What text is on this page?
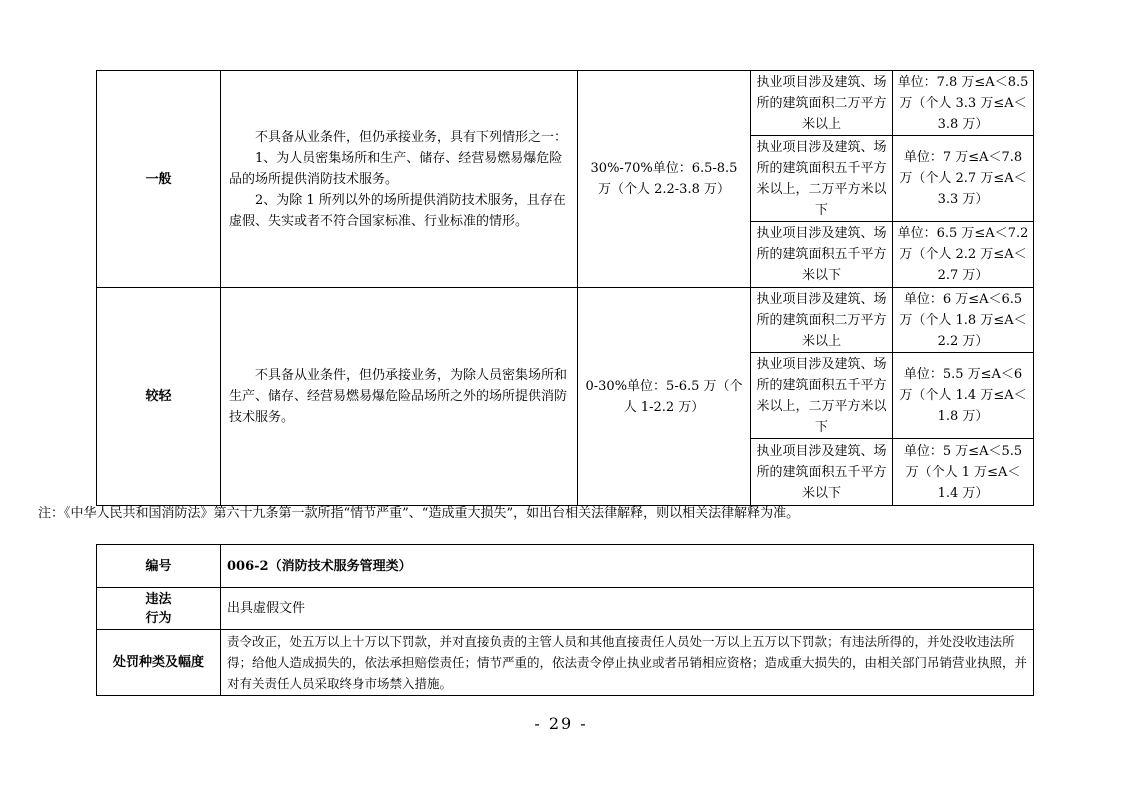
一般	不具备从业条件，但仍承接业务，具有下列情形之一：

1、为人员密集场所和生产、储存、经营易燃易爆危险品的场所提供消防技术服务。

2、为除 1 所列以外的场所提供消防技术服务，且存在虚假、失实或者不符合国家标准、行业标准的情形。	30%-70%单位：6.5-8.5 万（个人 2.2-3.8 万）	执业项目涉及建筑、场所的建筑面积二万平方米以上	单位：7.8 万≤A＜8.5 万（个人 3.3 万≤A＜3.8 万）
			执业项目涉及建筑、场所的建筑面积五千平方米以上，二万平方米以下	单位：7 万≤A＜7.8 万（个人 2.7 万≤A＜3.3 万）
			执业项目涉及建筑、场所的建筑面积五千平方米以下	单位：6.5 万≤A＜7.2 万（个人 2.2 万≤A＜2.7 万）
较轻	不具备从业条件，但仍承接业务，为除人员密集场所和生产、储存、经营易燃易爆危险品场所之外的场所提供消防技术服务。	0-30%单位：5-6.5 万（个人 1-2.2 万）	执业项目涉及建筑、场所的建筑面积二万平方米以上	单位：6 万≤A＜6.5 万（个人 1.8 万≤A＜2.2 万）
			执业项目涉及建筑、场所的建筑面积五千平方米以上，二万平方米以下	单位：5.5 万≤A＜6 万（个人 1.4 万≤A＜1.8 万）
			执业项目涉及建筑、场所的建筑面积五千平方米以下	单位：5 万≤A＜5.5 万（个人 1 万≤A＜1.4 万）
注：《中华人民共和国消防法》第六十九条第一款所指“情节严重”、“造成重大损失”，如出台相关法律解释，则以相关法律解释为准。
编号	006-2（消防技术服务管理类）
违法行为	出具虚假文件
处罚种类及幅度	责令改正，处五万以上十万以下罚款，并对直接负责的主管人员和其他直接责任人员处一万以上五万以下罚款；有违法所得的，并处没收违法所得；给他人造成损失的，依法承担赔偿责任；情节严重的，依法责令停止执业或者吊销相应资格；造成重大损失的，由相关部门吊销营业执照，并对有关责任人员采取终身市场禁入措施。
- 29 -
